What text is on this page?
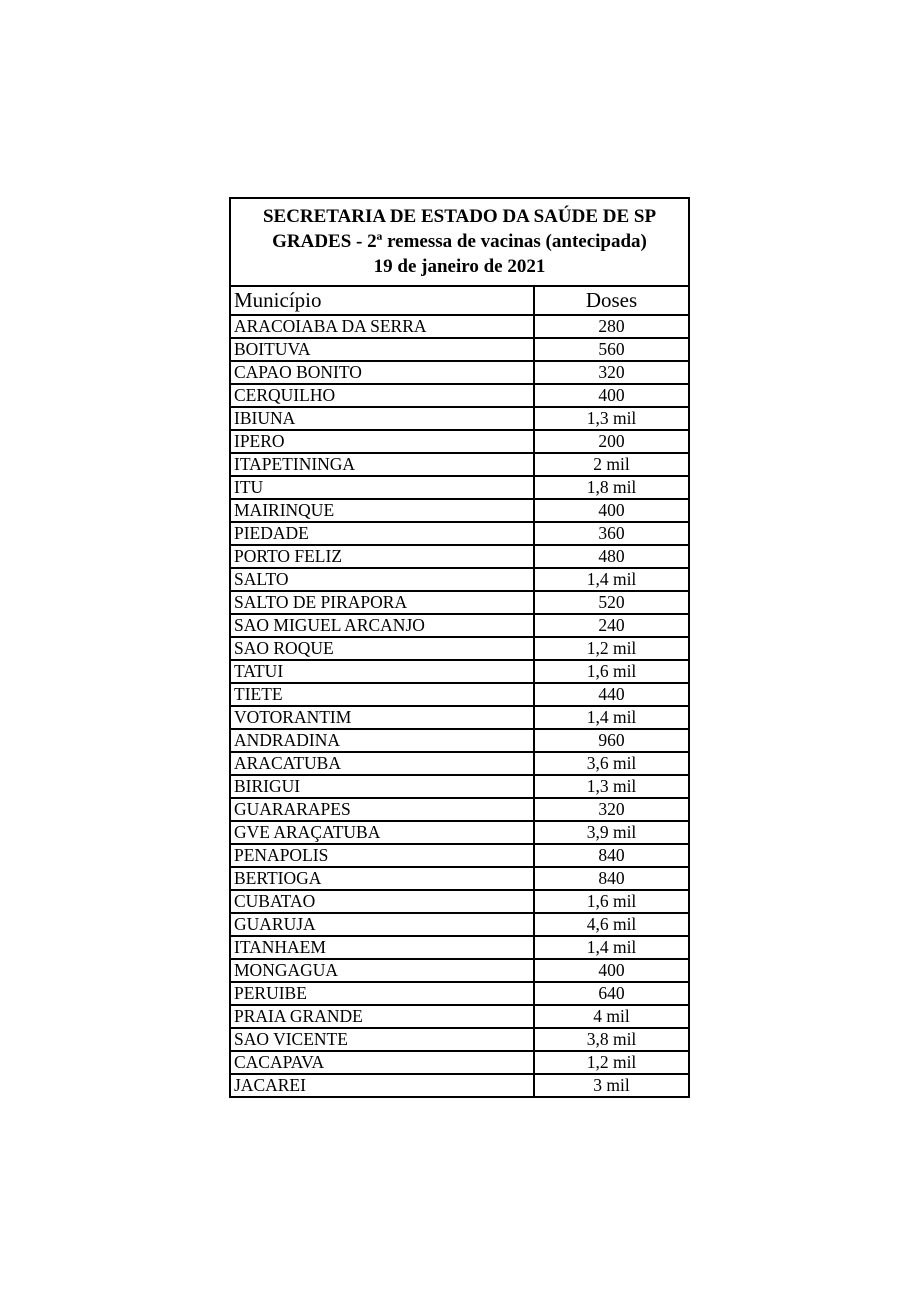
SECRETARIA DE ESTADO DA SAÚDE DE SP
GRADES - 2ª remessa de vacinas (antecipada)
19 de janeiro de 2021	

Município	Doses
ARACOIABA DA SERRA	280
BOITUVA	560
CAPAO BONITO	320
CERQUILHO	400
IBIUNA	1,3 mil
IPERO	200
ITAPETININGA	2 mil
ITU	1,8 mil
MAIRINQUE	400
PIEDADE	360
PORTO FELIZ	480
SALTO	1,4 mil
SALTO DE PIRAPORA	520
SAO MIGUEL ARCANJO	240
SAO ROQUE	1,2 mil
TATUI	1,6 mil
TIETE	440
VOTORANTIM	1,4 mil
ANDRADINA	960
ARACATUBA	3,6 mil
BIRIGUI	1,3 mil
GUARARAPES	320
GVE ARAÇATUBA	3,9 mil
PENAPOLIS	840
BERTIOGA	840
CUBATAO	1,6 mil
GUARUJA	4,6 mil
ITANHAEM	1,4 mil
MONGAGUA	400
PERUIBE	640
PRAIA GRANDE	4 mil
SAO VICENTE	3,8 mil
CACAPAVA	1,2 mil
JACAREI	3 mil
